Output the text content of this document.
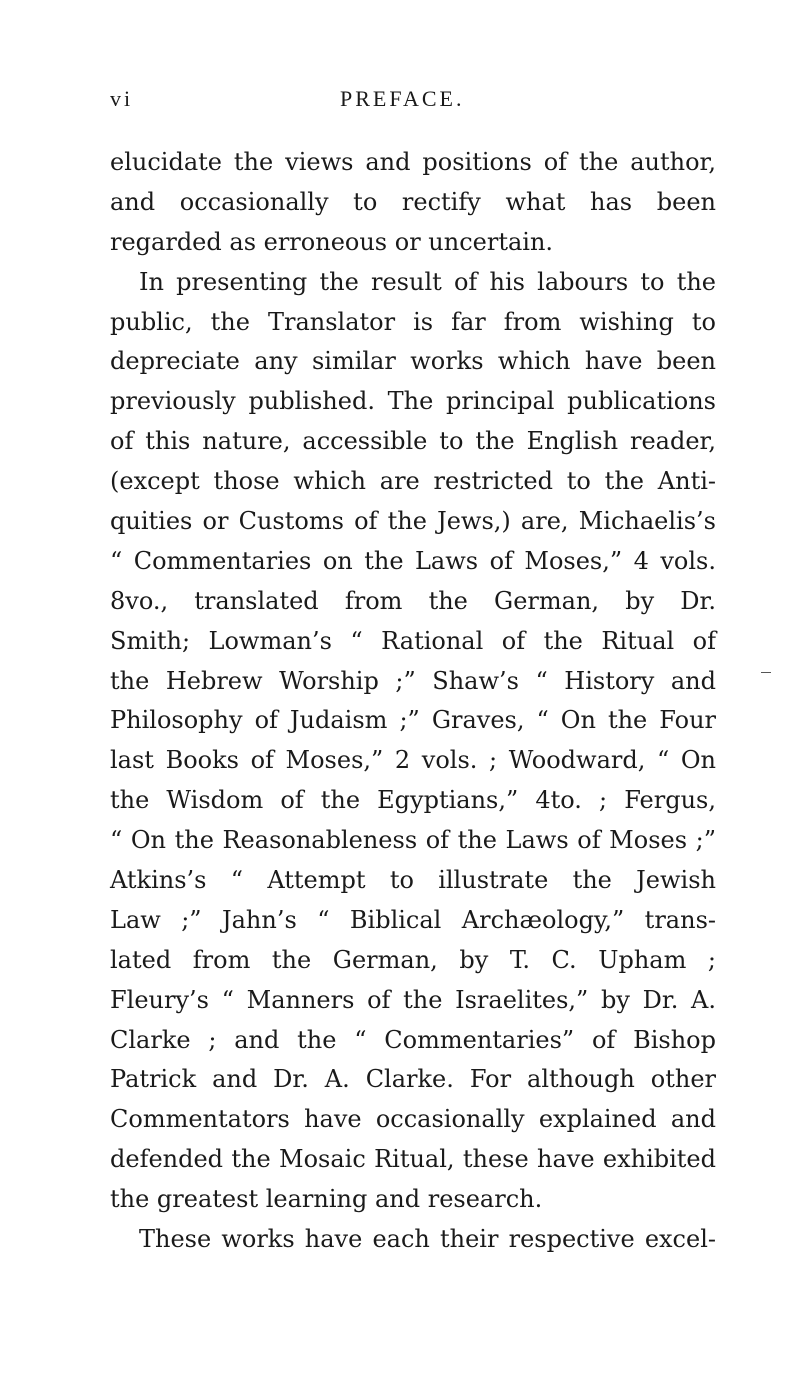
vi	PREFACE.
elucidate the views and positions of the author,
and occasionally to rectify what has been
regarded as erroneous or uncertain.
In presenting the result of his labours to the
public, the Translator is far from wishing to
depreciate any similar works which have been
previously published. The principal publications
of this nature, accessible to the English reader,
(except those which are restricted to the Anti-
quities or Customs of the Jews,) are, Michaelis’s
“ Commentaries on the Laws of Moses,” 4 vols.
8vo., translated from the German, by Dr.
Smith; Lowman’s “ Rational of the Ritual of
the Hebrew Worship ;” Shaw’s “ History and
Philosophy of Judaism ;” Graves, “ On the Four
last Books of Moses,” 2 vols. ; Woodward, “ On
the Wisdom of the Egyptians,” 4to. ; Fergus,
“ On the Reasonableness of the Laws of Moses ;”
Atkins’s “ Attempt to illustrate the Jewish
Law ;” Jahn’s “ Biblical Archæology,” trans-
lated from the German, by T. C. Upham ;
Fleury’s “ Manners of the Israelites,” by Dr. A.
Clarke ; and the “ Commentaries” of Bishop
Patrick and Dr. A. Clarke. For although other
Commentators have occasionally explained and
defended the Mosaic Ritual, these have exhibited
the greatest learning and research.
These works have each their respective excel-
